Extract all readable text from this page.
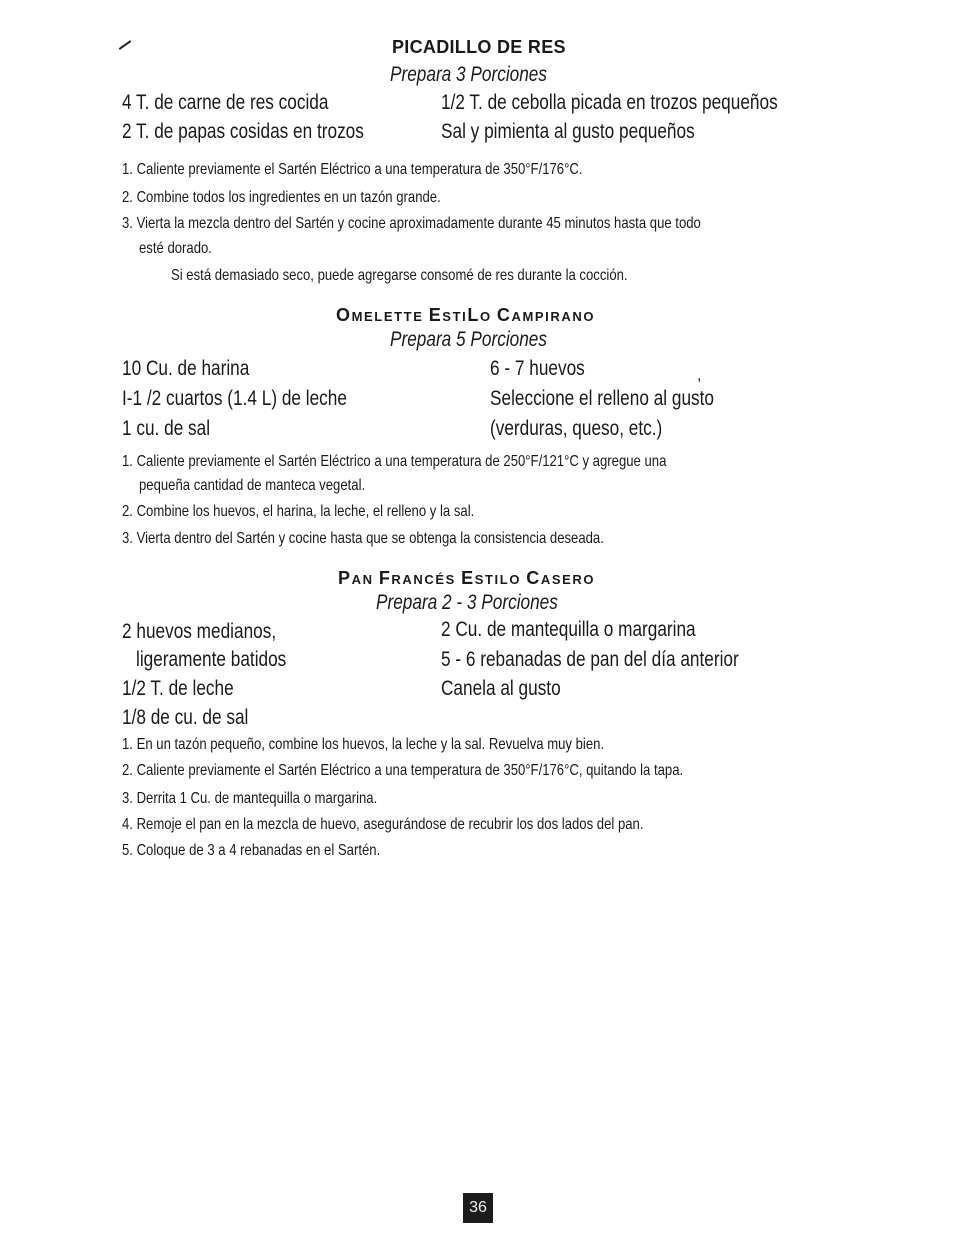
PICADILLO DE RES
Prepara 3 Porciones
4 T. de carne de res cocida
2 T. de papas cosidas en trozos
1/2 T. de cebolla picada en trozos pequeños
Sal y pimienta al gusto pequeños
1. Caliente previamente el Sartén Eléctrico a una temperatura de 350°F/176°C.
2. Combine todos los ingredientes en un tazón grande.
3. Vierta la mezcla dentro del Sartén y cocine aproximadamente durante 45 minutos hasta que todo
esté dorado.
Si está demasiado seco, puede agregarse consomé de res durante la cocción.
OMELETTE ESTILO CAMPIRANO
Prepara 5 Porciones
10 Cu. de harina
I-1 /2 cuartos (1.4 L) de leche
1 cu. de sal
6 - 7 huevos
Seleccione el relleno al gusto
(verduras, queso, etc.)
,
1. Caliente previamente el Sartén Eléctrico a una temperatura de 250°F/121°C y agregue una
pequeña cantidad de manteca vegetal.
2. Combine los huevos, el harina, la leche, el relleno y la sal.
3. Vierta dentro del Sartén y cocine hasta que se obtenga la consistencia deseada.
PAN FRANCÉS ESTILO CASERO
Prepara 2 - 3 Porciones
2 huevos medianos,
ligeramente batidos
1/2 T. de leche
1/8 de cu. de sal
2 Cu. de mantequilla o margarina
5 - 6 rebanadas de pan del día anterior
Canela al gusto
1. En un tazón pequeño, combine los huevos, la leche y la sal. Revuelva muy bien.
2. Caliente previamente el Sartén Eléctrico a una temperatura de 350°F/176°C, quitando la tapa.
3. Derrita 1 Cu. de mantequilla o margarina.
4. Remoje el pan en la mezcla de huevo, asegurándose de recubrir los dos lados del pan.
5. Coloque de 3 a 4 rebanadas en el Sartén.
36
